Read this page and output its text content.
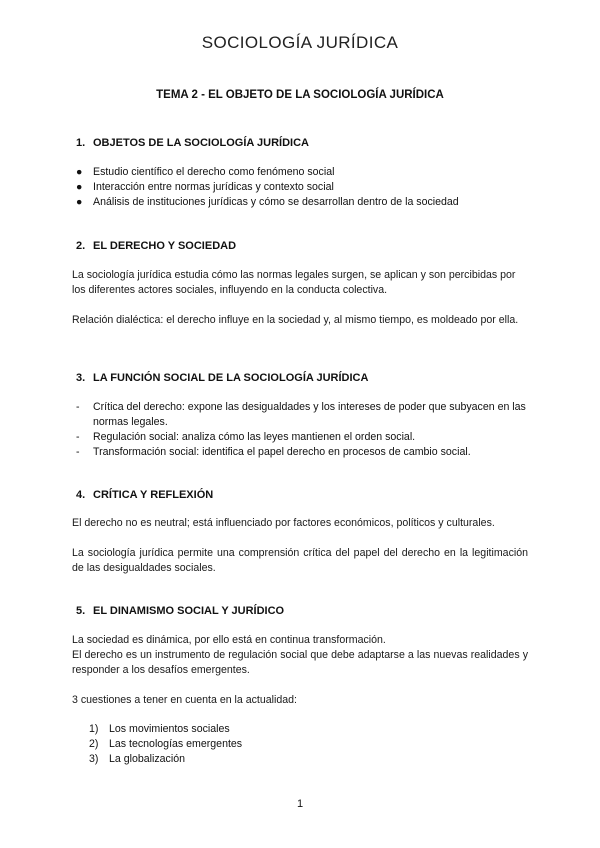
SOCIOLOGÍA JURÍDICA
TEMA 2 - EL OBJETO DE LA SOCIOLOGÍA JURÍDICA
1. OBJETOS DE LA SOCIOLOGÍA JURÍDICA
● Estudio científico el derecho como fenómeno social
● Interacción entre normas jurídicas y contexto social
● Análisis de instituciones jurídicas y cómo se desarrollan dentro de la sociedad
2. EL DERECHO Y SOCIEDAD
La sociología jurídica estudia cómo las normas legales surgen, se aplican y son percibidas por los diferentes actores sociales, influyendo en la conducta colectiva.
Relación dialéctica: el derecho influye en la sociedad y, al mismo tiempo, es moldeado por ella.
3. LA FUNCIÓN SOCIAL DE LA SOCIOLOGÍA JURÍDICA
-	Crítica del derecho: expone las desigualdades y los intereses de poder que subyacen en las normas legales.
-	Regulación social: analiza cómo las leyes mantienen el orden social.
-	Transformación social: identifica el papel derecho en procesos de cambio social.
4. CRÍTICA Y REFLEXIÓN
El derecho no es neutral; está influenciado por factores económicos, políticos y culturales.
La sociología jurídica permite una comprensión crítica del papel del derecho en la legitimación de las desigualdades sociales.
5. EL DINAMISMO SOCIAL Y JURÍDICO
La sociedad es dinámica, por ello está en continua transformación.
El derecho es un instrumento de regulación social que debe adaptarse a las nuevas realidades y responder a los desafíos emergentes.
3 cuestiones a tener en cuenta en la actualidad:
1) Los movimientos sociales
2) Las tecnologías emergentes
3) La globalización
1
